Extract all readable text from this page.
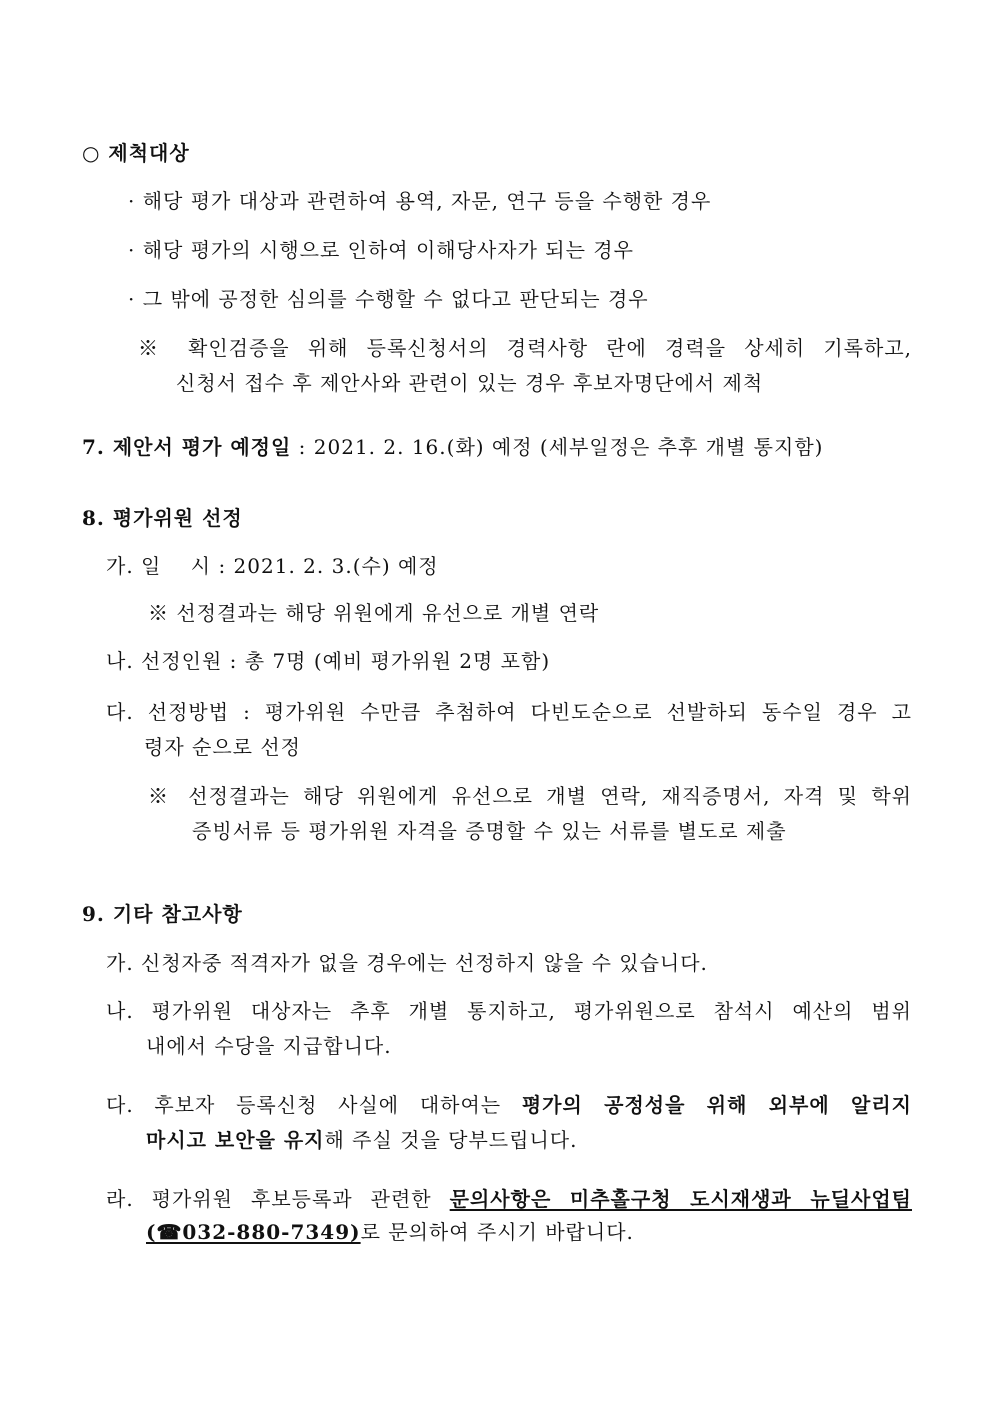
○ 제척대상
· 해당 평가 대상과 관련하여 용역, 자문, 연구 등을 수행한 경우
· 해당 평가의 시행으로 인하여 이해당사자가 되는 경우
· 그 밖에 공정한 심의를 수행할 수 없다고 판단되는 경우
※ 확인검증을 위해 등록신청서의 경력사항 란에 경력을 상세히 기록하고,
신청서 접수 후 제안사와 관련이 있는 경우 후보자명단에서 제척
7. 제안서 평가 예정일 : 2021. 2. 16.(화) 예정 (세부일정은 추후 개별 통지함)
8. 평가위원 선정
가. 일    시 : 2021. 2. 3.(수) 예정
※ 선정결과는 해당 위원에게 유선으로 개별 연락
나. 선정인원 : 총 7명 (예비 평가위원 2명 포함)
다. 선정방법 : 평가위원 수만큼 추첨하여 다빈도순으로 선발하되 동수일 경우 고
령자 순으로 선정
※ 선정결과는 해당 위원에게 유선으로 개별 연락, 재직증명서, 자격 및 학위
증빙서류 등 평가위원 자격을 증명할 수 있는 서류를 별도로 제출
9. 기타 참고사항
가. 신청자중 적격자가 없을 경우에는 선정하지 않을 수 있습니다.
나. 평가위원 대상자는 추후 개별 통지하고, 평가위원으로 참석시 예산의 범위
내에서 수당을 지급합니다.
다. 후보자 등록신청 사실에 대하여는 평가의 공정성을 위해 외부에 알리지
마시고 보안을 유지해 주실 것을 당부드립니다.
라. 평가위원 후보등록과 관련한 문의사항은 미추홀구청 도시재생과 뉴딜사업팀
(☎032-880-7349)로 문의하여 주시기 바랍니다.
